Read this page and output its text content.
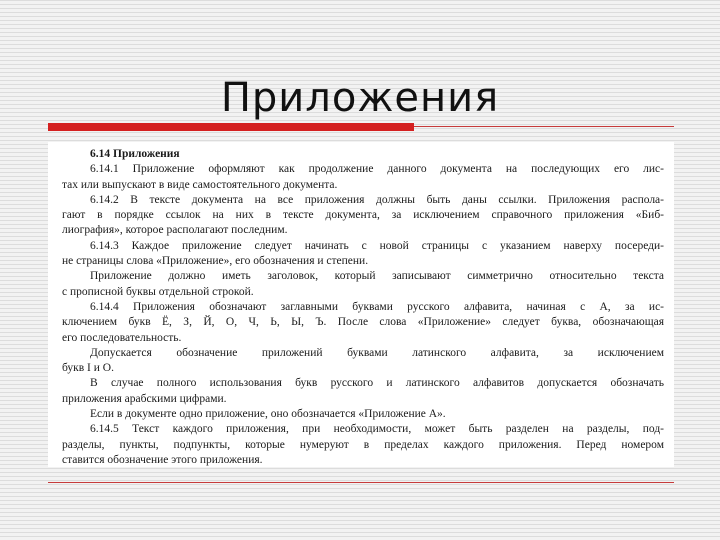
Приложения
6.14 Приложения
6.14.1 Приложение оформляют как продолжение данного документа на последующих его лис-
тах или выпускают в виде самостоятельного документа.
6.14.2 В тексте документа на все приложения должны быть даны ссылки. Приложения распола-
гают в порядке ссылок на них в тексте документа, за исключением справочного приложения «Биб-
лиография», которое располагают последним.
6.14.3 Каждое приложение следует начинать с новой страницы с указанием наверху посереди-
не страницы слова «Приложение», его обозначения и степени.
Приложение должно иметь заголовок, который записывают симметрично относительно текста
с прописной буквы отдельной строкой.
6.14.4 Приложения обозначают заглавными буквами русского алфавита, начиная с А, за ис-
ключением букв Ё, З, Й, О, Ч, Ь, Ы, Ъ. После слова «Приложение» следует буква, обозначающая
его последовательность.
Допускается обозначение приложений буквами латинского алфавита, за исключением
букв I и O.
В случае полного использования букв русского и латинского алфавитов допускается обозначать
приложения арабскими цифрами.
Если в документе одно приложение, оно обозначается «Приложение А».
6.14.5 Текст каждого приложения, при необходимости, может быть разделен на разделы, под-
разделы, пункты, подпункты, которые нумеруют в пределах каждого приложения. Перед номером
ставится обозначение этого приложения.
